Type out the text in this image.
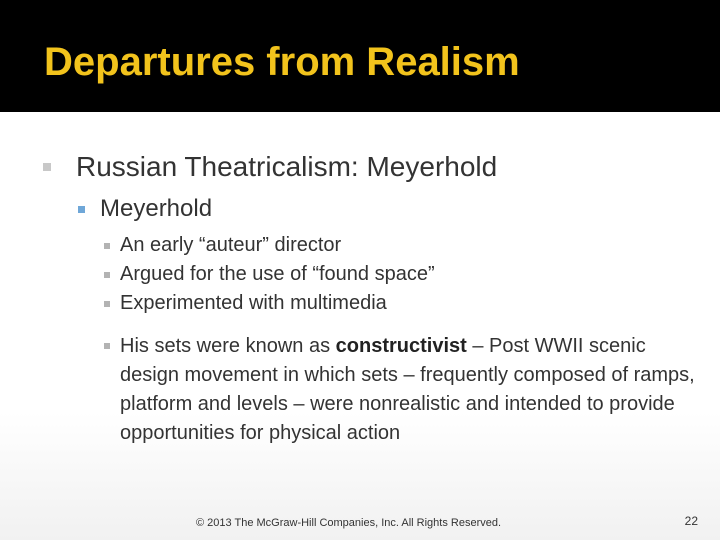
Departures from Realism

Russian Theatricalism: Meyerhold

Meyerhold

An early “auteur” director

Argued for the use of “found space”

Experimented with multimedia

His sets were known as constructivist – Post WWII scenic design movement in which sets – frequently composed of ramps, platform and levels – were nonrealistic and intended to provide opportunities for physical action

© 2013 The McGraw-Hill Companies, Inc. All Rights Reserved.	22
